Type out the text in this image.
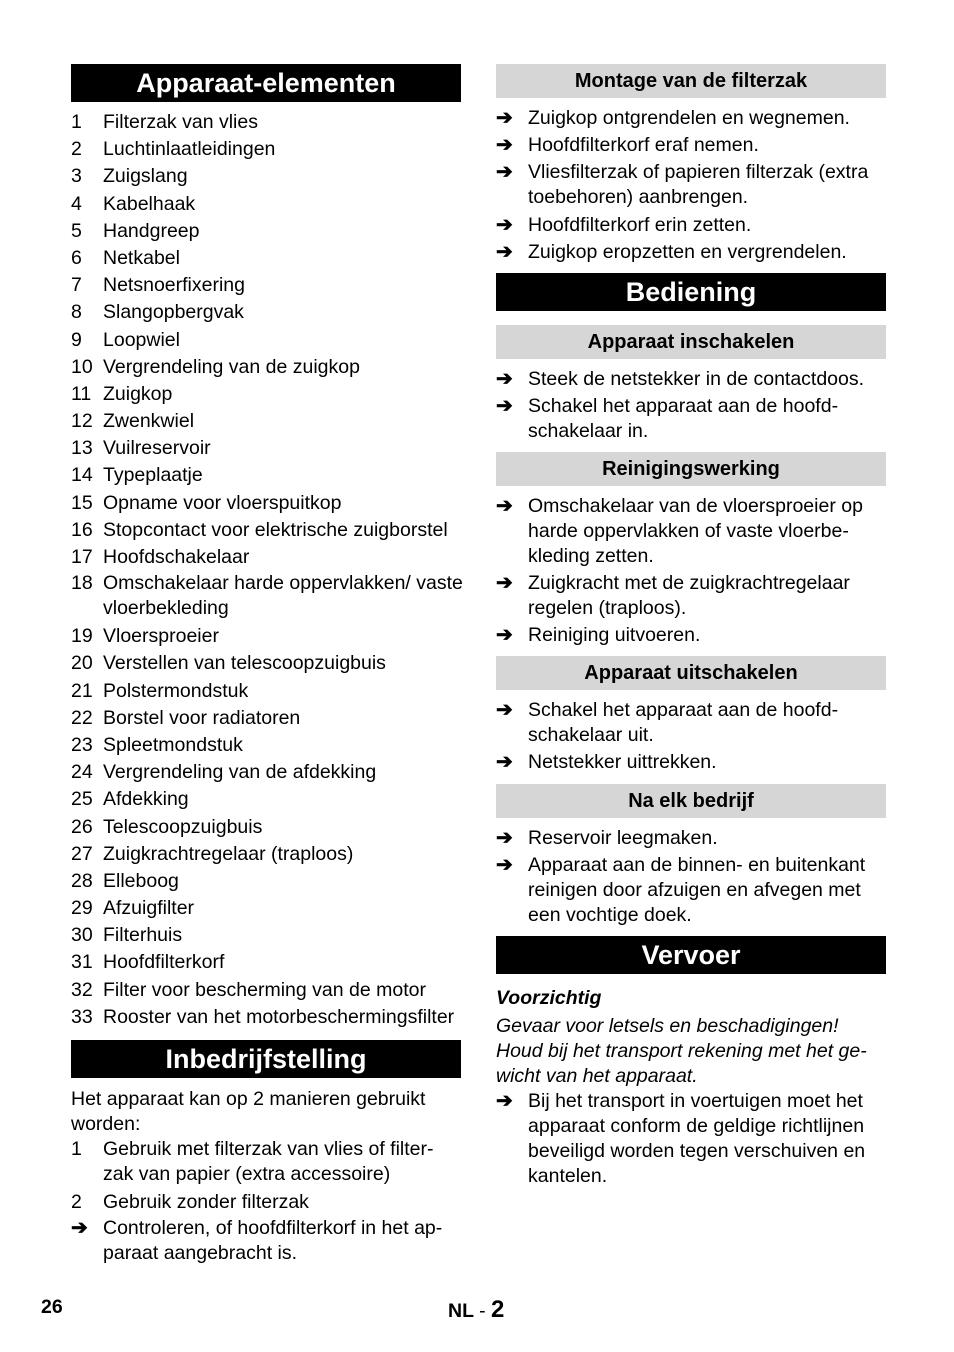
Apparaat-elementen
1 Filterzak van vlies
2 Luchtinlaatleidingen
3 Zuigslang
4 Kabelhaak
5 Handgreep
6 Netkabel
7 Netsnoerfixering
8 Slangopbergvak
9 Loopwiel
10 Vergrendeling van de zuigkop
11 Zuigkop
12 Zwenkwiel
13 Vuilreservoir
14 Typeplaatje
15 Opname voor vloerspuitkop
16 Stopcontact voor elektrische zuigborstel
17 Hoofdschakelaar
18 Omschakelaar harde oppervlakken/ vaste vloerbekleding
19 Vloersproeier
20 Verstellen van telescoopzuigbuis
21 Polstermondstuk
22 Borstel voor radiatoren
23 Spleetmondstuk
24 Vergrendeling van de afdekking
25 Afdekking
26 Telescoopzuigbuis
27 Zuigkrachtregelaar (traploos)
28 Elleboog
29 Afzuigfilter
30 Filterhuis
31 Hoofdfilterkorf
32 Filter voor bescherming van de motor
33 Rooster van het motorbeschermingsfilter
Inbedrijfstelling
Het apparaat kan op 2 manieren gebruikt worden:
1 Gebruik met filterzak van vlies of filter-zak van papier (extra accessoire)
2 Gebruik zonder filterzak
➔ Controleren, of hoofdfilterkorf in het ap-paraat aangebracht is.
Montage van de filterzak
➔ Zuigkop ontgrendelen en wegnemen.
➔ Hoofdfilterkorf eraf nemen.
➔ Vliesfilterzak of papieren filterzak (extra toebehoren) aanbrengen.
➔ Hoofdfilterkorf erin zetten.
➔ Zuigkop eropzetten en vergrendelen.
Bediening
Apparaat inschakelen
➔ Steek de netstekker in de contactdoos.
➔ Schakel het apparaat aan de hoofd-schakelaar in.
Reinigingswerking
➔ Omschakelaar van de vloersproeier op harde oppervlakken of vaste vloerbe-kleding zetten.
➔ Zuigkracht met de zuigkrachtregelaar regelen (traploos).
➔ Reiniging uitvoeren.
Apparaat uitschakelen
➔ Schakel het apparaat aan de hoofd-schakelaar uit.
➔ Netstekker uittrekken.
Na elk bedrijf
➔ Reservoir leegmaken.
➔ Apparaat aan de binnen- en buitenkant reinigen door afzuigen en afvegen met een vochtige doek.
Vervoer
Voorzichtig
Gevaar voor letsels en beschadigingen! Houd bij het transport rekening met het ge-wicht van het apparaat.
➔ Bij het transport in voertuigen moet het apparaat conform de geldige richtlijnen beveiligd worden tegen verschuiven en kantelen.
26	NL - 2
